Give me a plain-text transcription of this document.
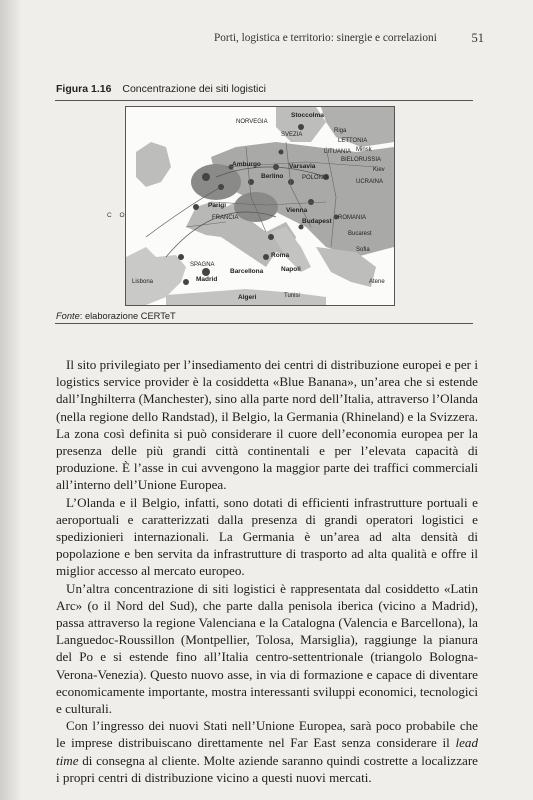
Porti, logistica e territorio: sinergie e correlazioni	51
Figura 1.16 Concentrazione dei siti logistici
C O
NORVEGIA
Stoccolma
SVEZIA
Riga
LETTONIA
LITUANIA Minsk
BIELORUSSIA
Amburgo	Varsavia
Berlino	POLONIA
UCRAINA
Kiev
FRANCIA
Parigi
Vienna
Budapest ROMANIA
Bucarest
Roma
Napoli
Barcellona
Madrid
SPAGNA
Lisbona
Algeri	Tunisi
Atene
Sofia
Fonte: elaborazione CERTeT

Il sito privilegiato per l’insediamento dei centri di distribuzione europei e per i logistics service provider è la cosiddetta «Blue Banana», un’area che si estende dall’Inghilterra (Manchester), sino alla parte nord dell’Italia, attraverso l’Olanda (nella regione dello Randstad), il Belgio, la Germania (Rhineland) e la Svizzera. La zona così definita si può considerare il cuore dell’economia europea per la presenza delle più grandi città continentali e per l’elevata capacità di produzione. È l’asse in cui avvengono la maggior parte dei traffici commerciali all’interno dell’Unione Europea.

L’Olanda e il Belgio, infatti, sono dotati di efficienti infrastrutture portuali e aeroportuali e caratterizzati dalla presenza di grandi operatori logistici e spedizionieri internazionali. La Germania è un’area ad alta densità di popolazione e ben servita da infrastrutture di trasporto ad alta qualità e offre il miglior accesso al mercato europeo.

Un’altra concentrazione di siti logistici è rappresentata dal cosiddetto «Latin Arc» (o il Nord del Sud), che parte dalla penisola iberica (vicino a Madrid), passa attraverso la regione Valenciana e la Catalogna (Valencia e Barcellona), la Languedoc-Roussillon (Montpellier, Tolosa, Marsiglia), raggiunge la pianura del Po e si estende fino all’Italia centro-settentrionale (triangolo Bologna-Verona-Venezia). Questo nuovo asse, in via di formazione e capace di diventare economicamente importante, mostra interessanti sviluppi economici, tecnologici e culturali.

Con l’ingresso dei nuovi Stati nell’Unione Europea, sarà poco probabile che le imprese distribuiscano direttamente nel Far East senza considerare il lead time di consegna al cliente. Molte aziende saranno quindi costrette a localizzare i propri centri di distribuzione vicino a questi nuovi mercati.
